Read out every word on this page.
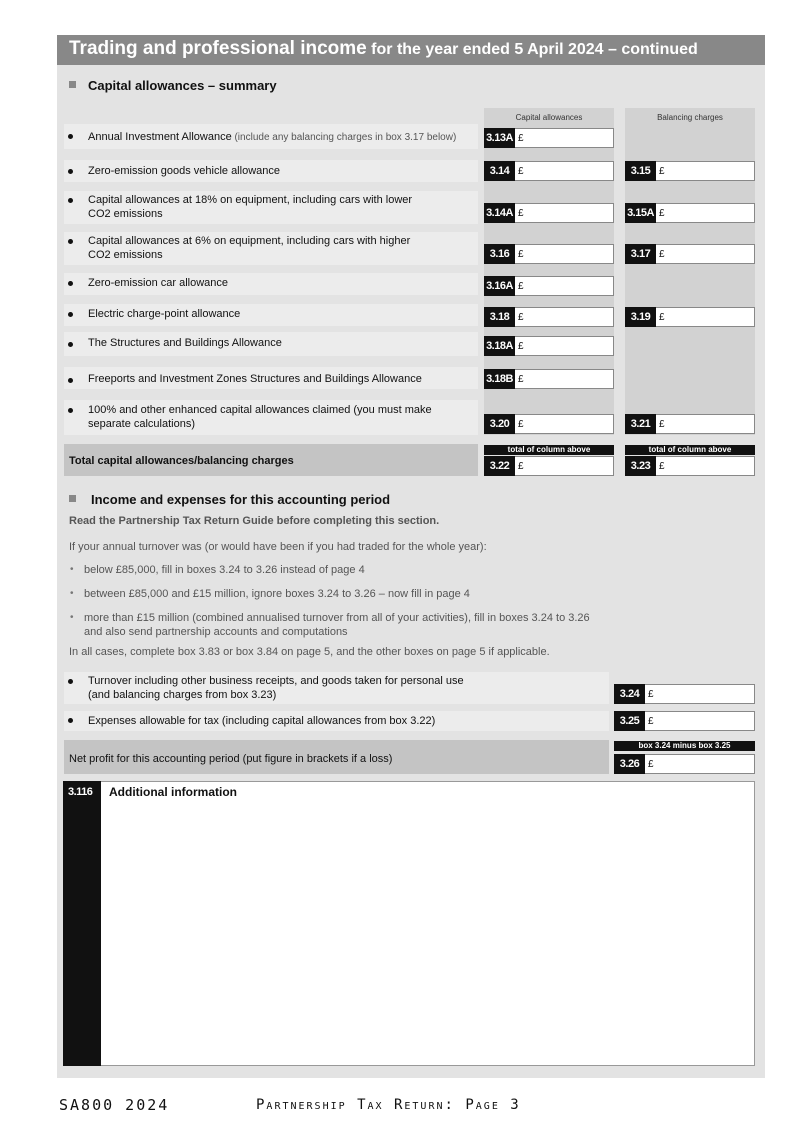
Trading and professional income for the year ended 5 April 2024 – continued
Capital allowances – summary
Capital allowances	Balancing charges
Annual Investment Allowance (include any balancing charges in box 3.17 below)	3.13A £
Zero-emission goods vehicle allowance	3.14 £	3.15 £
Capital allowances at 18% on equipment, including cars with lower
CO2 emissions	3.14A £	3.15A £
Capital allowances at 6% on equipment, including cars with higher
CO2 emissions	3.16 £	3.17 £
Zero-emission car allowance	3.16A £
Electric charge-point allowance	3.18 £	3.19 £
The Structures and Buildings Allowance	3.18A £
Freeports and Investment Zones Structures and Buildings Allowance	3.18B £
100% and other enhanced capital allowances claimed (you must make
separate calculations)	3.20 £	3.21 £
Total capital allowances/balancing charges
total of column above	total of column above
3.22 £	3.23 £
Income and expenses for this accounting period
Read the Partnership Tax Return Guide before completing this section.
If your annual turnover was (or would have been if you had traded for the whole year):
• below £85,000, fill in boxes 3.24 to 3.26 instead of page 4
• between £85,000 and £15 million, ignore boxes 3.24 to 3.26 – now fill in page 4
• more than £15 million (combined annualised turnover from all of your activities), fill in boxes 3.24 to 3.26
and also send partnership accounts and computations
In all cases, complete box 3.83 or box 3.84 on page 5, and the other boxes on page 5 if applicable.
Turnover including other business receipts, and goods taken for personal use
(and balancing charges from box 3.23)	3.24 £
Expenses allowable for tax (including capital allowances from box 3.22)	3.25 £
Net profit for this accounting period (put figure in brackets if a loss)
box 3.24 minus box 3.25
3.26 £
3.116 Additional information
SA800 2024	Partnership Tax Return: Page 3
